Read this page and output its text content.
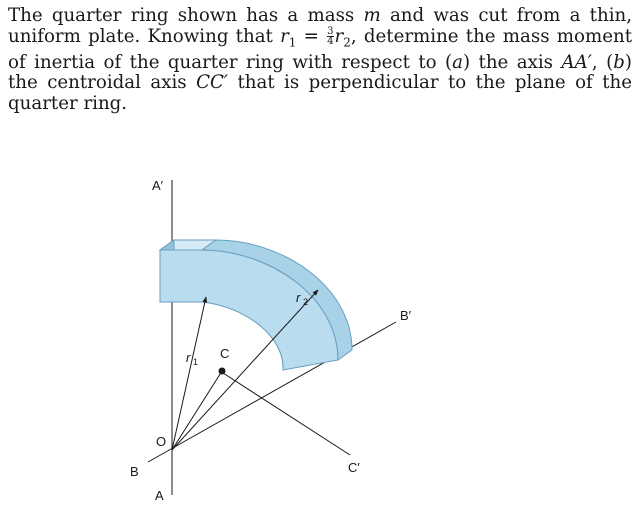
The quarter ring shown has a mass m and was cut from a thin, uniform plate. Knowing that $r_1 = \frac{3}{4} r_2$, determine the mass moment of inertia of the quarter ring with respect to (a) the axis AA′, (b) the centroidal axis CC′ that is perpendicular to the plane of the quarter ring.
A′
A
B′
B
C
C′
O
r 1
r 2
